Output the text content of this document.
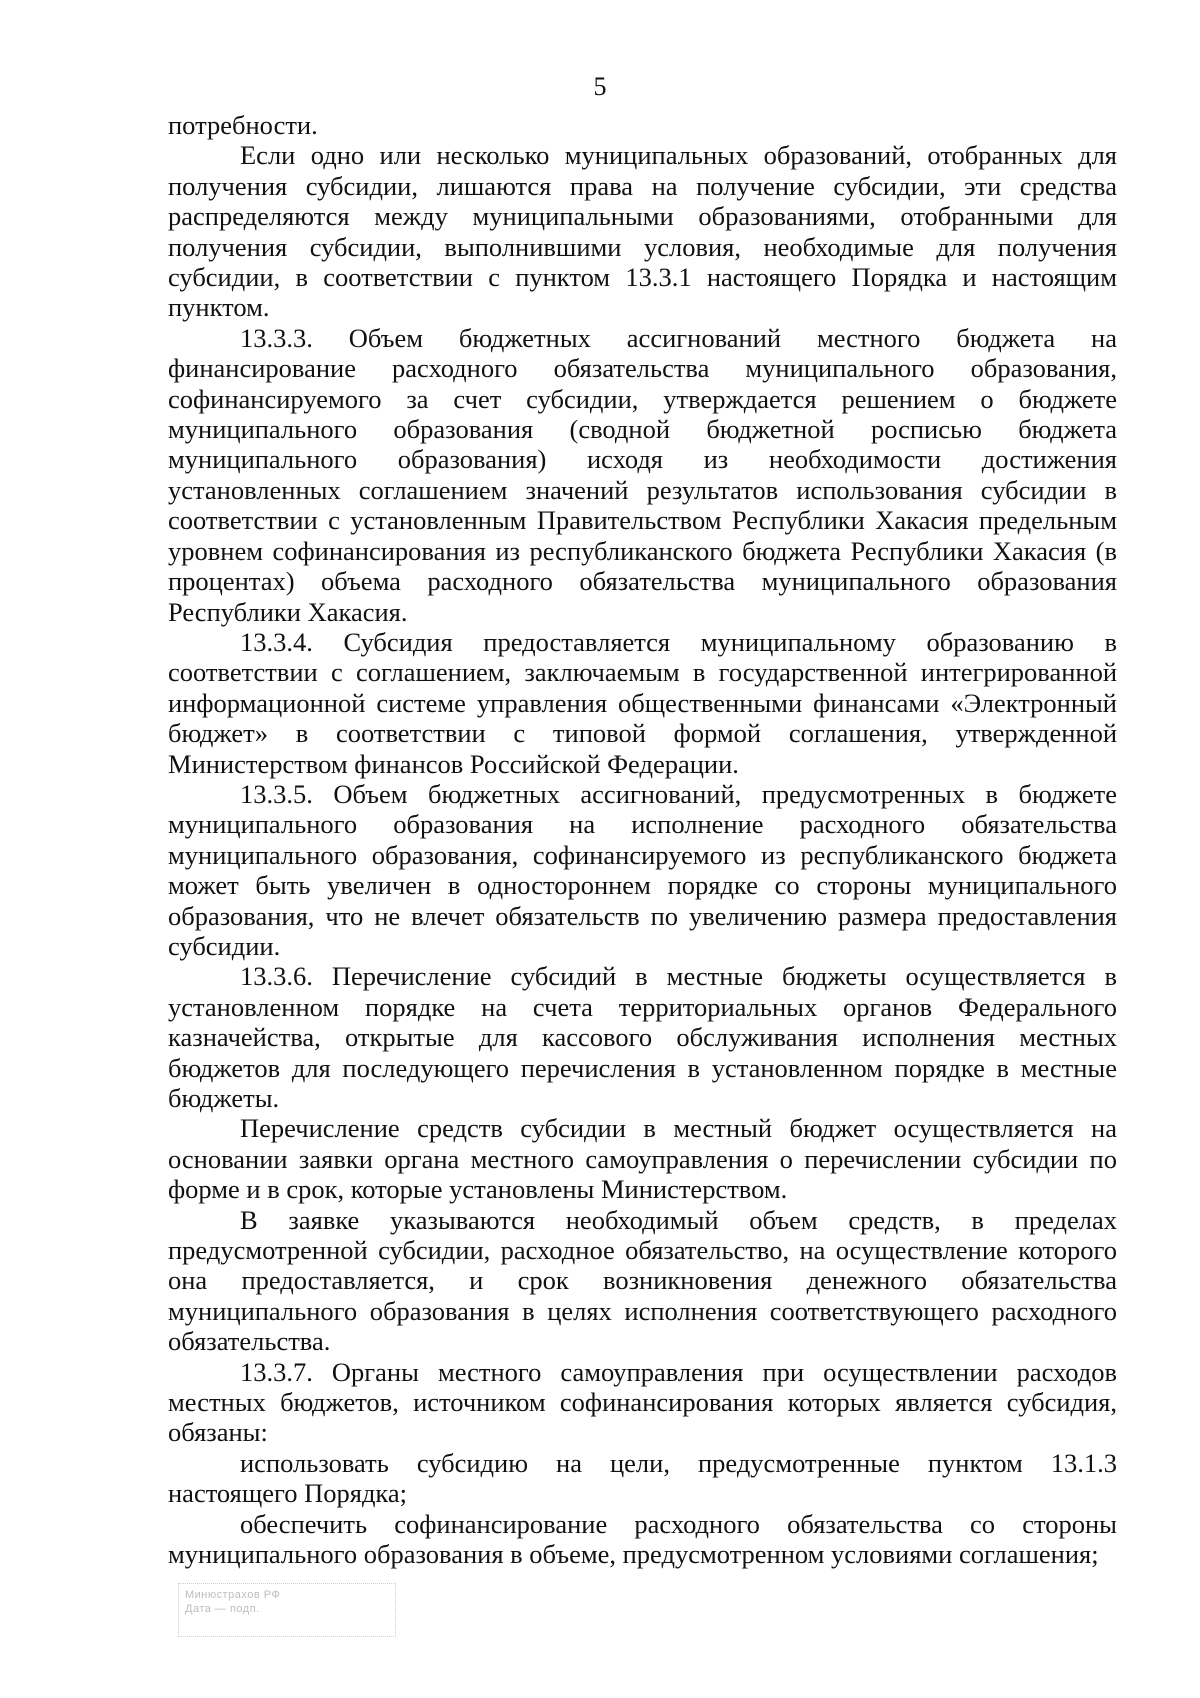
5

потребности.

Если одно или несколько муниципальных образований, отобранных для получения субсидии, лишаются права на получение субсидии, эти средства распределяются между муниципальными образованиями, отобранными для получения субсидии, выполнившими условия, необходимые для получения субсидии, в соответствии с пунктом 13.3.1 настоящего Порядка и настоящим пунктом.

13.3.3. Объем бюджетных ассигнований местного бюджета на финансирование расходного обязательства муниципального образования, софинансируемого за счет субсидии, утверждается решением о бюджете муниципального образования (сводной бюджетной росписью бюджета муниципального образования) исходя из необходимости достижения установленных соглашением значений результатов использования субсидии в соответствии с установленным Правительством Республики Хакасия предельным уровнем софинансирования из республиканского бюджета Республики Хакасия (в процентах) объема расходного обязательства муниципального образования Республики Хакасия.

13.3.4. Субсидия предоставляется муниципальному образованию в соответствии с соглашением, заключаемым в государственной интегрированной информационной системе управления общественными финансами «Электронный бюджет» в соответствии с типовой формой соглашения, утвержденной Министерством финансов Российской Федерации.

13.3.5. Объем бюджетных ассигнований, предусмотренных в бюджете муниципального образования на исполнение расходного обязательства муниципального образования, софинансируемого из республиканского бюджета может быть увеличен в одностороннем порядке со стороны муниципального образования, что не влечет обязательств по увеличению размера предоставления субсидии.

13.3.6. Перечисление субсидий в местные бюджеты осуществляется в установленном порядке на счета территориальных органов Федерального казначейства, открытые для кассового обслуживания исполнения местных бюджетов для последующего перечисления в установленном порядке в местные бюджеты.

Перечисление средств субсидии в местный бюджет осуществляется на основании заявки органа местного самоуправления о перечислении субсидии по форме и в срок, которые установлены Министерством.

В заявке указываются необходимый объем средств, в пределах предусмотренной субсидии, расходное обязательство, на осуществление которого она предоставляется, и срок возникновения денежного обязательства муниципального образования в целях исполнения соответствующего расходного обязательства.

13.3.7. Органы местного самоуправления при осуществлении расходов местных бюджетов, источником софинансирования которых является субсидия, обязаны:

использовать субсидию на цели, предусмотренные пунктом 13.1.3 настоящего Порядка;

обеспечить софинансирование расходного обязательства со стороны муниципального образования в объеме, предусмотренном условиями соглашения;

Минюстрахов РФ
Дата — подп.
